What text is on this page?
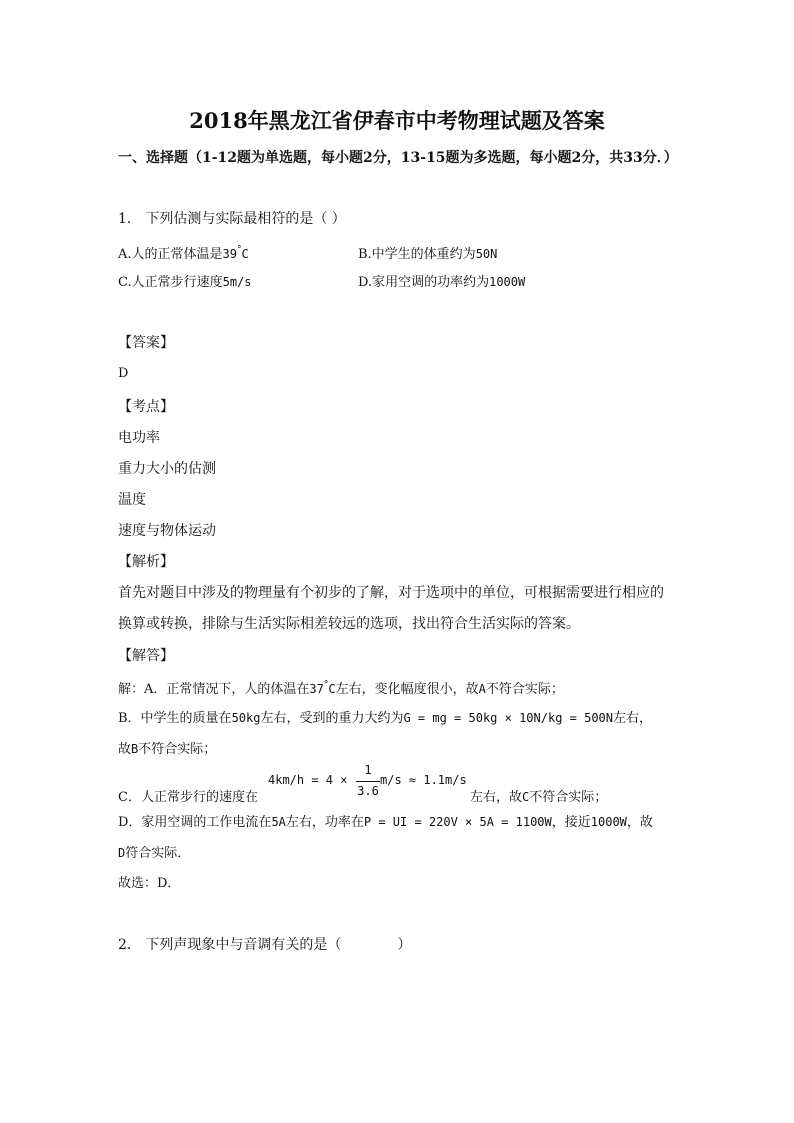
2018年黑龙江省伊春市中考物理试题及答案
一、选择题（1-12题为单选题，每小题2分，13-15题为多选题，每小题2分，共33分．）
1.　下列估测与实际最相符的是（ ）
A.人的正常体温是39°C	B.中学生的体重约为50N
C.人正常步行速度5m/s	D.家用空调的功率约为1000W
【答案】
D
【考点】
电功率
重力大小的估测
温度
速度与物体运动
【解析】
首先对题目中涉及的物理量有个初步的了解，对于选项中的单位，可根据需要进行相应的
换算或转换，排除与生活实际相差较远的选项，找出符合生活实际的答案。
【解答】
解：A．正常情况下，人的体温在37°C左右，变化幅度很小，故A不符合实际；
B．中学生的质量在50kg左右，受到的重力大约为G = mg = 50kg × 10N/kg = 500N左右，
故B不符合实际；
C．人正常步行的速度在
4km/h = 4 ×
1
3.6
m/s ≈ 1.1m/s
左右，故C不符合实际；
D．家用空调的工作电流在5A左右，功率在P = UI = 220V × 5A = 1100W，接近1000W，故
D符合实际．
故选：D．
2.　下列声现象中与音调有关的是（　　　　）
